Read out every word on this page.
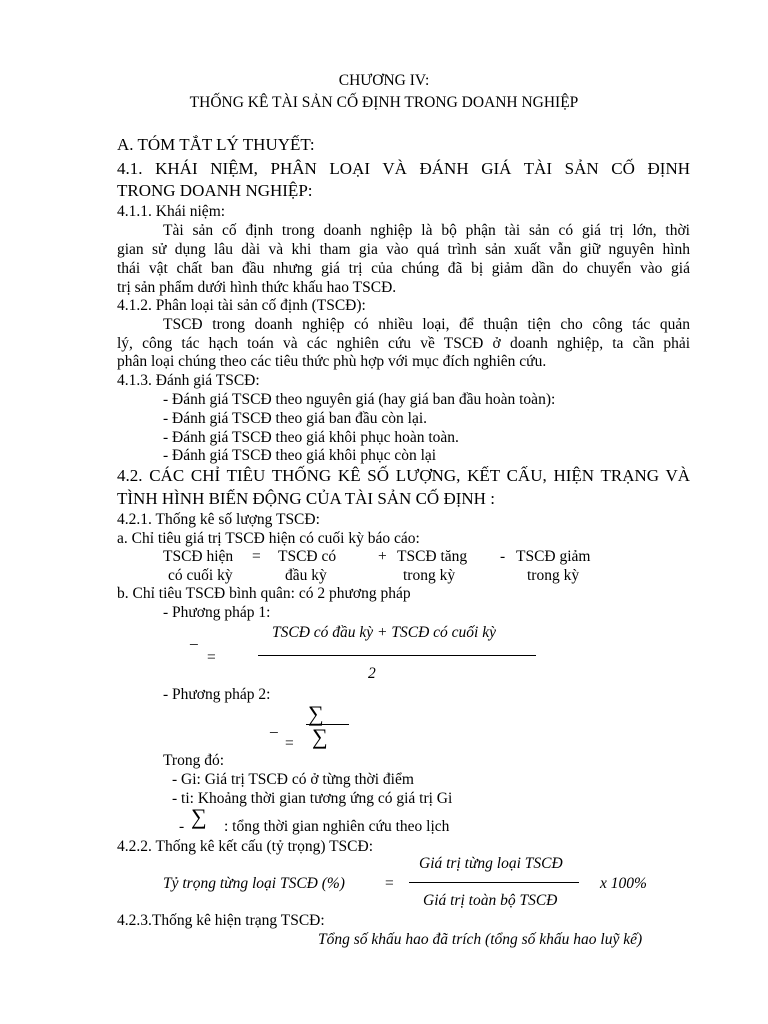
CHƯƠNG IV:
THỐNG KÊ TÀI SẢN CỐ ĐỊNH TRONG DOANH NGHIỆP
A. TÓM TẮT LÝ THUYẾT:
4.1. KHÁI NIỆM, PHÂN LOẠI VÀ ĐÁNH GIÁ TÀI SẢN CỐ ĐỊNH
TRONG DOANH NGHIỆP:
4.1.1. Khái niệm:
Tài sản cố định trong doanh nghiệp là bộ phận tài sản có giá trị lớn, thời
gian sử dụng lâu dài và khi tham gia vào quá trình sản xuất vẫn giữ nguyên hình
thái vật chất ban đầu nhưng giá trị của chúng đã bị giảm dần do chuyển vào giá
trị sản phẩm dưới hình thức khấu hao TSCĐ.
4.1.2. Phân loại tài sản cố định (TSCĐ):
TSCĐ trong doanh nghiệp có nhiều loại, để thuận tiện cho công tác quản
lý, công tác hạch toán và các nghiên cứu về TSCĐ ở doanh nghiệp, ta cần phải
phân loại chúng theo các tiêu thức phù hợp với mục đích nghiên cứu.
4.1.3. Đánh giá TSCĐ:
- Đánh giá TSCĐ theo nguyên giá (hay giá ban đầu hoàn toàn):
- Đánh giá TSCĐ theo giá ban đầu còn lại.
- Đánh giá TSCĐ theo giá khôi phục hoàn toàn.
- Đánh giá TSCĐ theo giá khôi phục còn lại
4.2. CÁC CHỈ TIÊU THỐNG KÊ SỐ LƯỢNG, KẾT CẤU, HIỆN TRẠNG VÀ
TÌNH HÌNH BIẾN ĐỘNG CỦA TÀI SẢN CỐ ĐỊNH :
4.2.1. Thống kê số lượng TSCĐ:
a. Chỉ tiêu giá trị TSCĐ hiện có cuối kỳ báo cáo:
TSCĐ hiện
có cuối kỳ
= TSCĐ có
đầu kỳ
+ TSCĐ tăng
trong kỳ
- TSCĐ giảm
trong kỳ
b. Chỉ tiêu TSCĐ bình quân: có 2 phương pháp
- Phương pháp 1:
TSCĐ có đầu kỳ + TSCĐ có cuối kỳ
_
=
2
- Phương pháp 2:
∑
∑
_
=
Trong đó:
- Gi: Giá trị TSCĐ có ở từng thời điểm
- ti: Khoảng thời gian tương ứng có giá trị Gi
- ∑ : tổng thời gian nghiên cứu theo lịch
4.2.2. Thống kê kết cấu (tỷ trọng) TSCĐ:
Giá trị từng loại TSCĐ
Tỷ trọng từng loại TSCĐ (%)	=	x 100%
Giá trị toàn bộ TSCĐ
4.2.3.Thống kê hiện trạng TSCĐ:
Tổng số khấu hao đã trích (tổng số khấu hao luỹ kế)
